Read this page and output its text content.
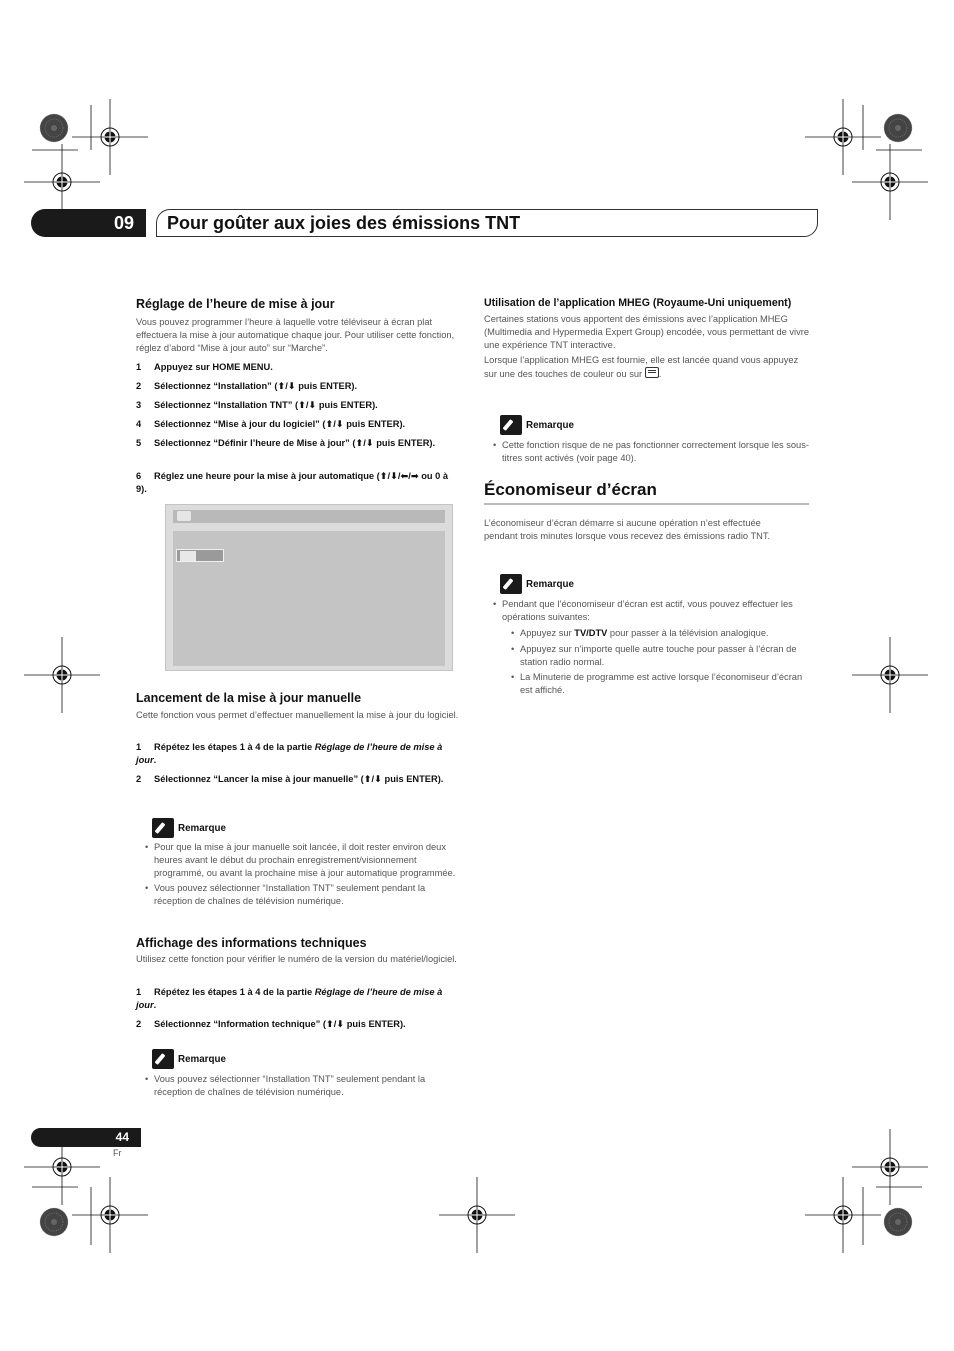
09	Pour goûter aux joies des émissions TNT
Réglage de l’heure de mise à jour

Vous pouvez programmer l’heure à laquelle votre téléviseur à écran plat effectuera la mise à jour automatique chaque jour. Pour utiliser cette fonction, réglez d’abord “Mise à jour auto” sur “Marche”.

1 Appuyez sur HOME MENU.

2 Sélectionnez “Installation” (⬆/⬇ puis ENTER).

3 Sélectionnez “Installation TNT” (⬆/⬇ puis ENTER).

4 Sélectionnez “Mise à jour du logiciel” (⬆/⬇ puis ENTER).

5 Sélectionnez “Définir l’heure de Mise à jour” (⬆/⬇ puis ENTER).

6 Réglez une heure pour la mise à jour automatique (⬆/⬇/⬅/➡ ou 0 à 9).

Lancement de la mise à jour manuelle

Cette fonction vous permet d’effectuer manuellement la mise à jour du logiciel.

1 Répétez les étapes 1 à 4 de la partie Réglage de l’heure de mise à jour.

2 Sélectionnez “Lancer la mise à jour manuelle” (⬆/⬇ puis ENTER).

Remarque
• Pour que la mise à jour manuelle soit lancée, il doit rester environ deux heures avant le début du prochain enregistrement/visionnement programmé, ou avant la prochaine mise à jour automatique programmée.
• Vous pouvez sélectionner “Installation TNT” seulement pendant la réception de chaînes de télévision numérique.
Affichage des informations techniques

Utilisez cette fonction pour vérifier le numéro de la version du matériel/logiciel.

1 Répétez les étapes 1 à 4 de la partie Réglage de l’heure de mise à jour.

2 Sélectionnez “Information technique” (⬆/⬇ puis ENTER).

Remarque
• Vous pouvez sélectionner “Installation TNT” seulement pendant la réception de chaînes de télévision numérique.

Utilisation de l’application MHEG (Royaume-Uni uniquement)

Certaines stations vous apportent des émissions avec l’application MHEG (Multimedia and Hypermedia Expert Group) encodée, vous permettant de vivre une expérience TNT interactive.

Lorsque l’application MHEG est fournie, elle est lancée quand vous appuyez sur une des touches de couleur ou sur .

Remarque
• Cette fonction risque de ne pas fonctionner correctement lorsque les sous-titres sont activés (voir page 40).
Économiseur d’écran

L’économiseur d’écran démarre si aucune opération n’est effectuée pendant trois minutes lorsque vous recevez des émissions radio TNT.

Remarque
• Pendant que l’économiseur d’écran est actif, vous pouvez effectuer les opérations suivantes:
• Appuyez sur TV/DTV pour passer à la télévision analogique.
• Appuyez sur n’importe quelle autre touche pour passer à l’écran de station radio normal.
• La Minuterie de programme est active lorsque l’économiseur d’écran est affiché.
44
Fr
